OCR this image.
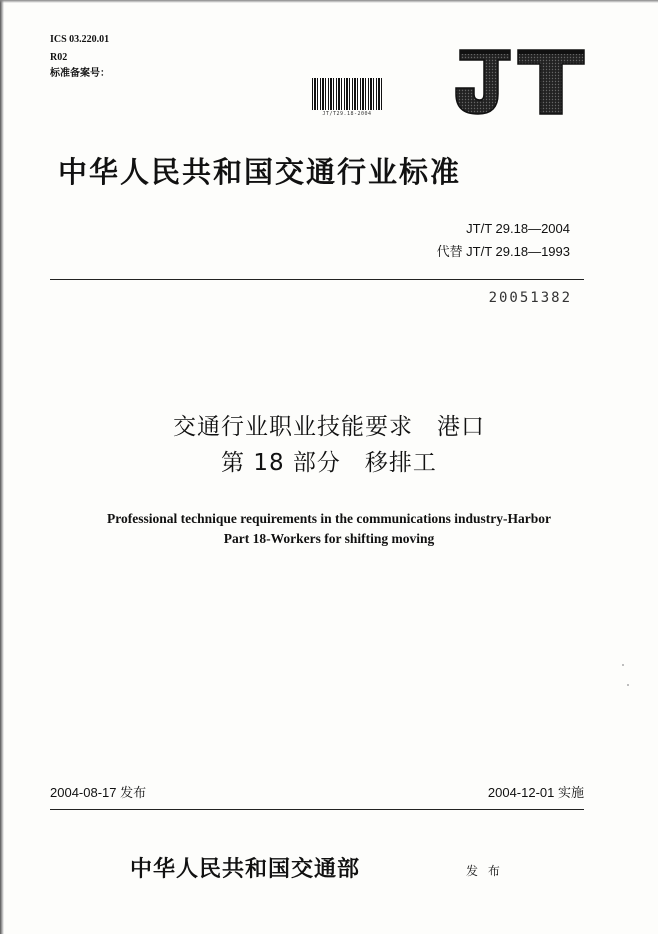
ICS 03.220.01
R02
标准备案号：
JT/T29.18-2004
中华人民共和国交通行业标准
JT/T 29.18—2004
代替 JT/T 29.18—1993
20051382
交通行业职业技能要求　港口
第 18 部分　移排工
Professional technique requirements in the communications industry-Harbor
Part 18-Workers for shifting moving
2004-08-17 发布	2004-12-01 实施
中华人民共和国交通部	发 布
